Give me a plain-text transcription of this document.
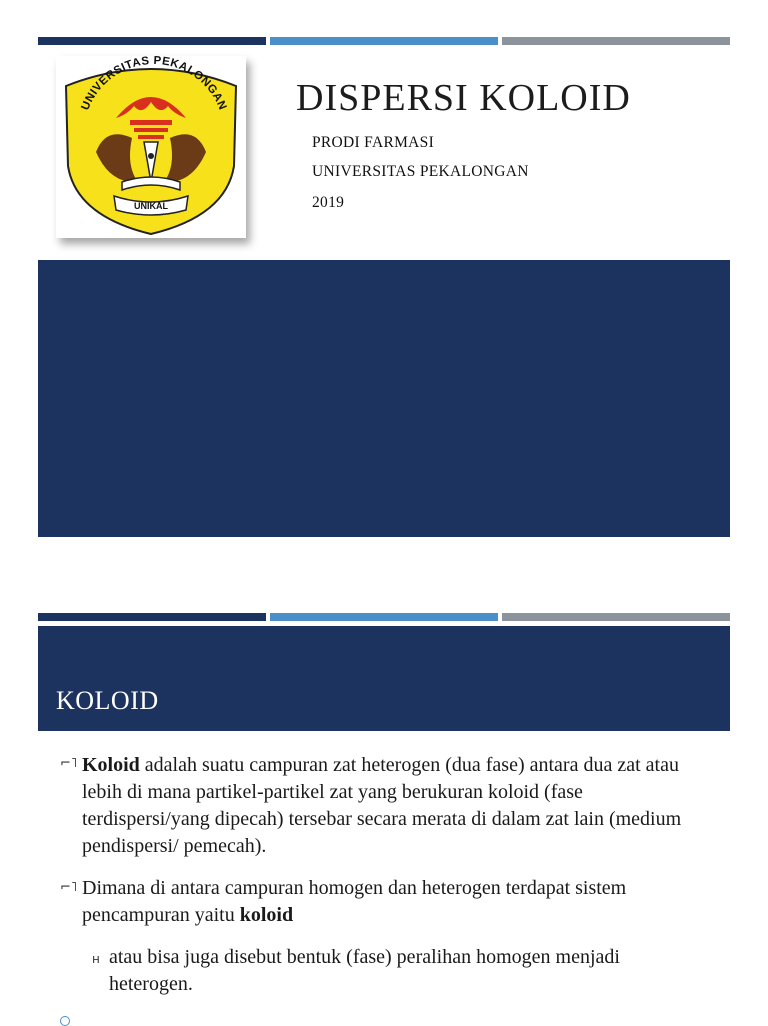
UNIVERSITAS PEKALONGAN
UNIKAL
DISPERSI KOLOID
PRODI FARMASI
UNIVERSITAS PEKALONGAN
2019
KOLOID
⌐˥ Koloid adalah suatu campuran zat heterogen (dua fase) antara dua zat atau lebih di mana partikel-partikel zat yang berukuran koloid (fase terdispersi/yang dipecah) tersebar secara merata di dalam zat lain (medium pendispersi/ pemecah).
⌐˥ Dimana di antara campuran homogen dan heterogen terdapat sistem pencampuran yaitu koloid
ʜ atau bisa juga disebut bentuk (fase) peralihan homogen menjadi heterogen.
